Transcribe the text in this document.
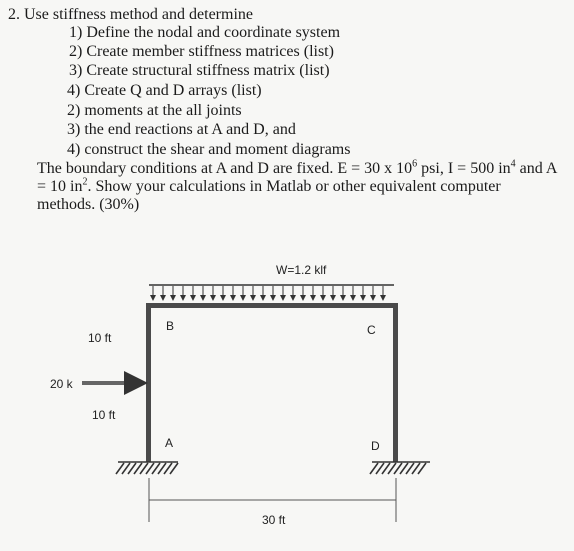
2. Use stiffness method and determine
1) Define the nodal and coordinate system
2) Create member stiffness matrices (list)
3) Create structural stiffness matrix (list)
4) Create Q and D arrays (list)
2) moments at the all joints
3) the end reactions at A and D, and
4) construct the shear and moment diagrams
The boundary conditions at A and D are fixed. E = 30 x $10^6$ psi, I = 500 $in^4$ and A = 10 $in^2$. Show your calculations in Matlab or other equivalent computer methods. (30%)
W=1.2 klf
B	C
A	D
10 ft
10 ft
20 k
30 ft
